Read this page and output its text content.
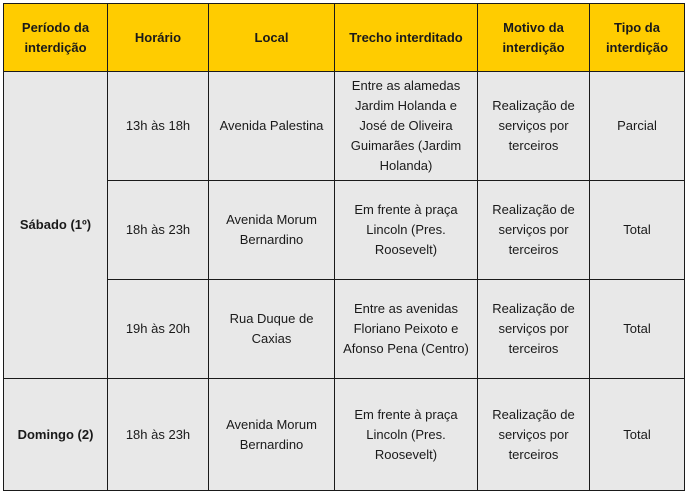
Período da interdição	Horário	Local	Trecho interditado	Motivo da interdição	Tipo da interdição
Sábado (1º)	13h às 18h	Avenida Palestina	Entre as alamedas Jardim Holanda e José de Oliveira Guimarães (Jardim Holanda)	Realização de serviços por terceiros	Parcial
	18h às 23h	Avenida Morum Bernardino	Em frente à praça Lincoln (Pres. Roosevelt)	Realização de serviços por terceiros	Total
	19h às 20h	Rua Duque de Caxias	Entre as avenidas Floriano Peixoto e Afonso Pena (Centro)	Realização de serviços por terceiros	Total
Domingo (2)	18h às 23h	Avenida Morum Bernardino	Em frente à praça Lincoln (Pres. Roosevelt)	Realização de serviços por terceiros	Total
